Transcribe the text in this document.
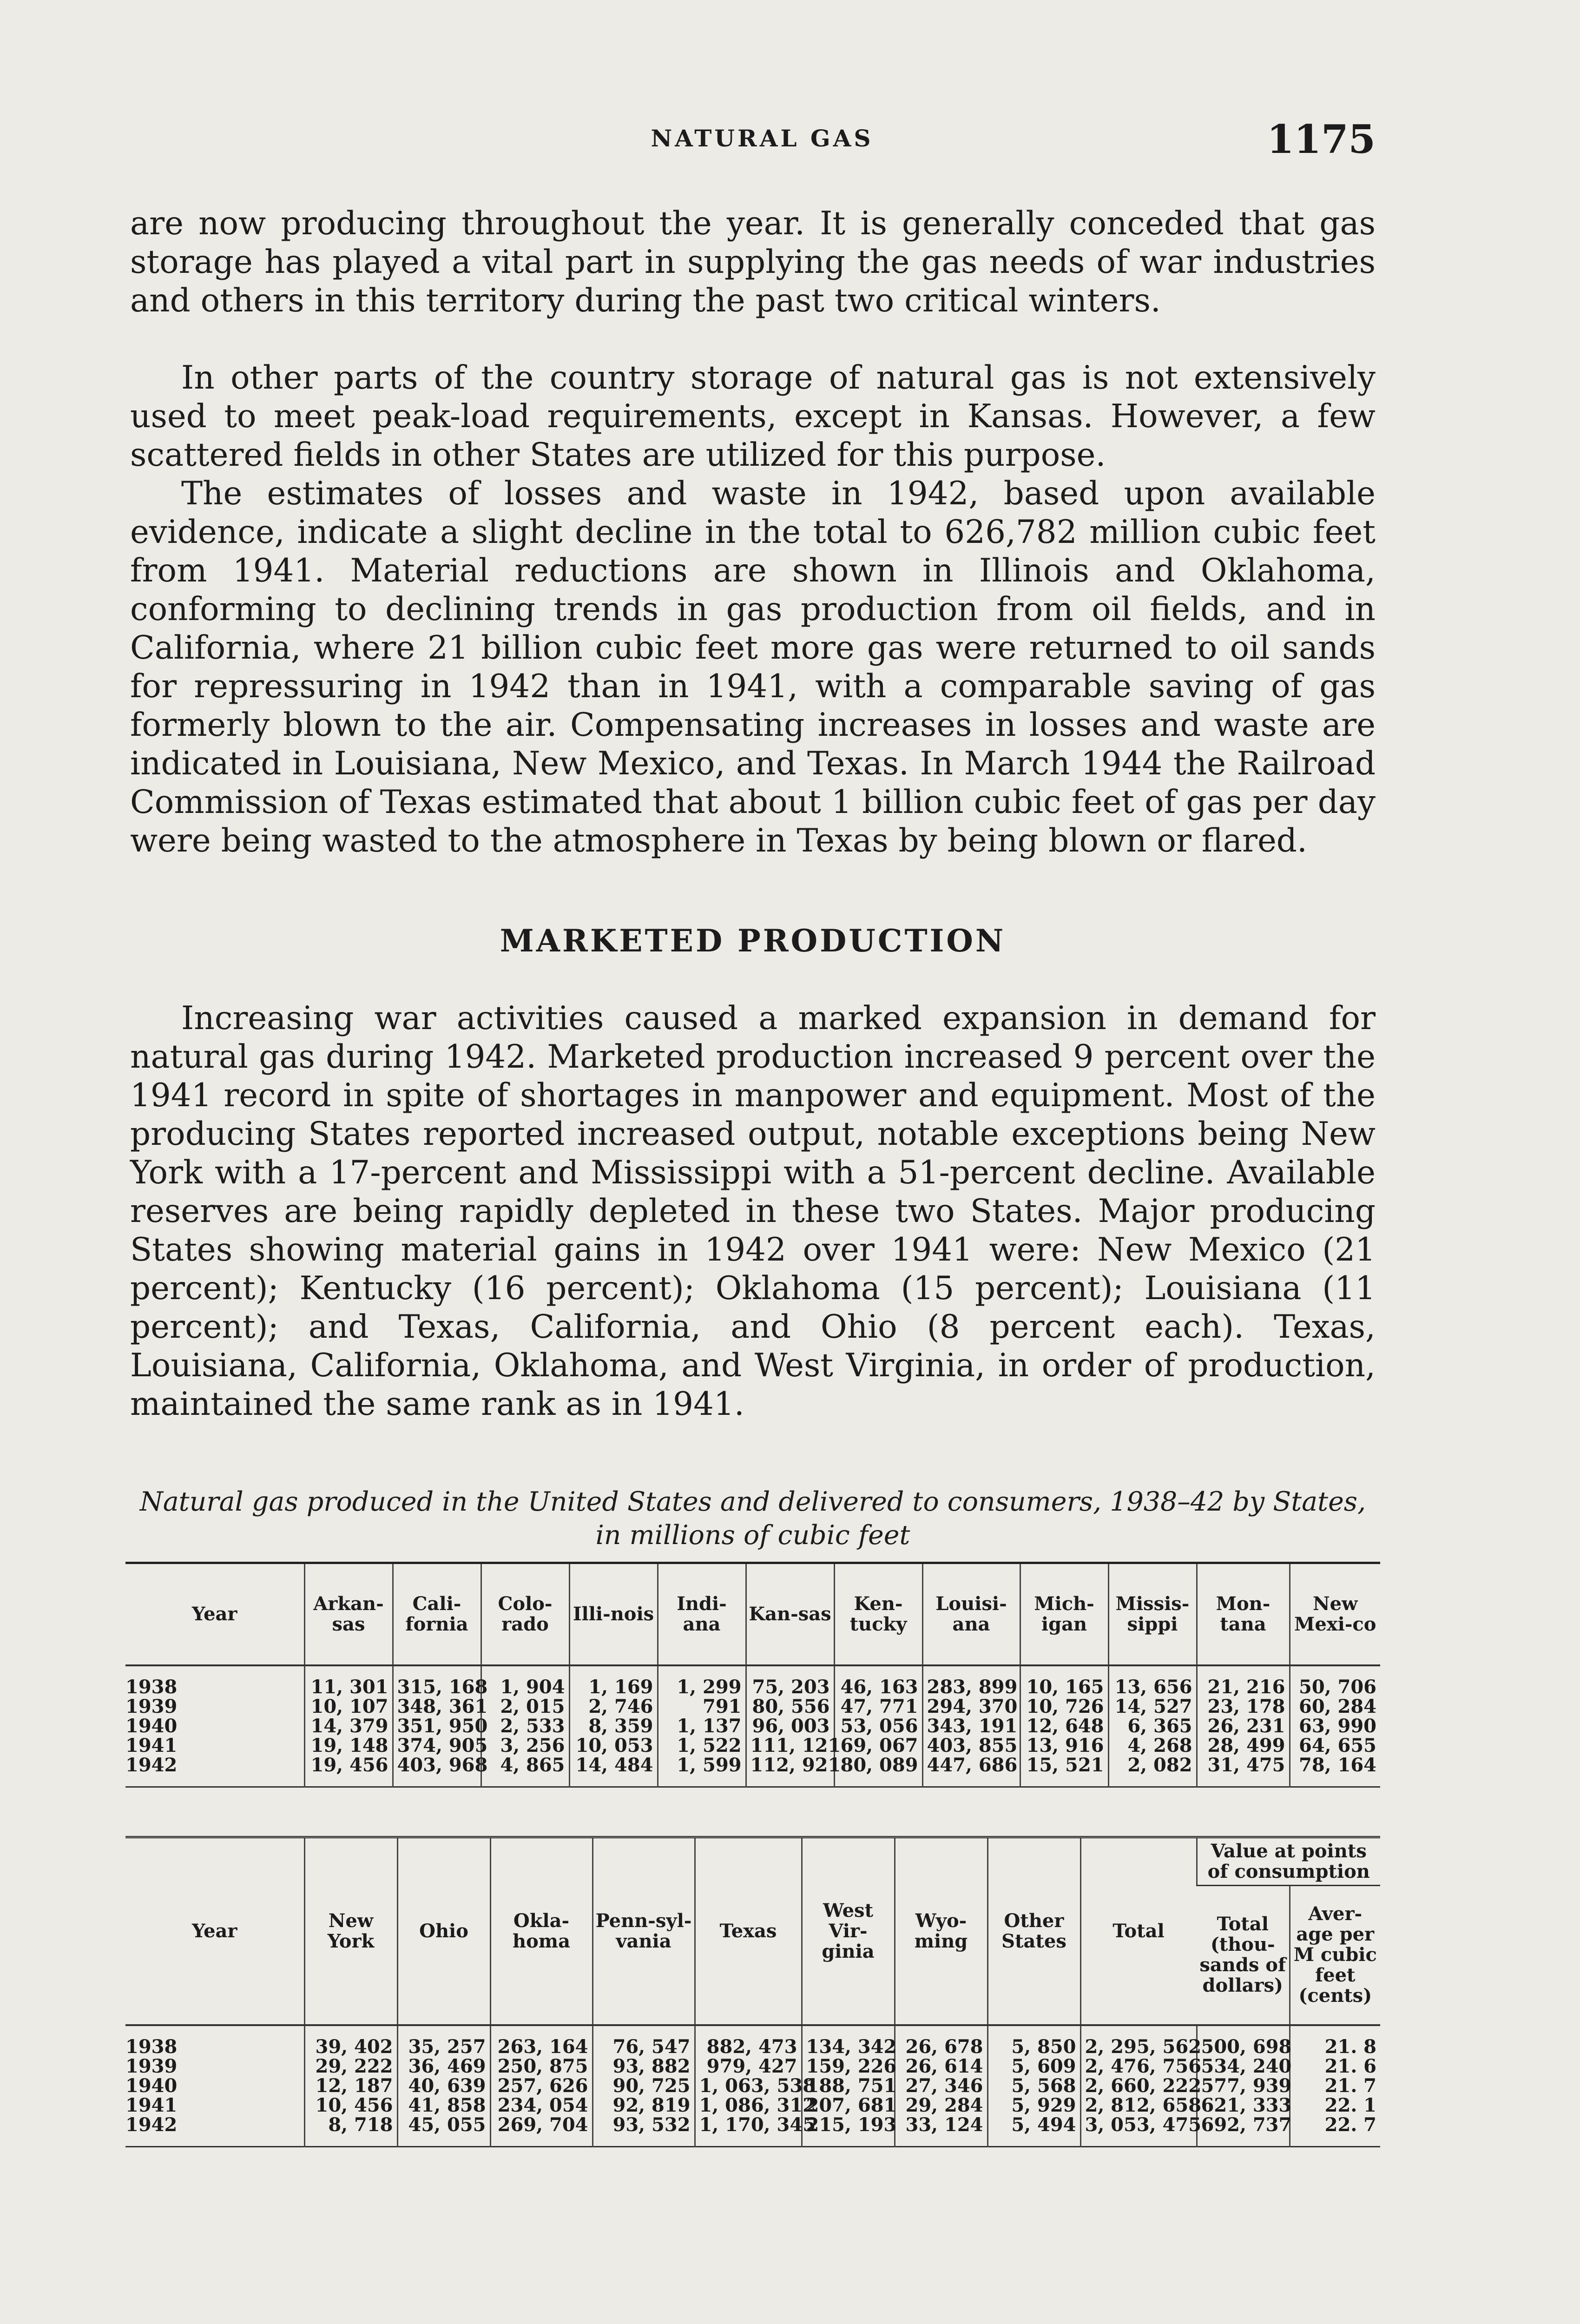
NATURAL GAS	1175

are now producing throughout the year. It is generally conceded that gas storage has played a vital part in supplying the gas needs of war industries and others in this territory during the past two critical winters.

In other parts of the country storage of natural gas is not extensively used to meet peak-load requirements, except in Kansas. However, a few scattered fields in other States are utilized for this purpose.

The estimates of losses and waste in 1942, based upon available evidence, indicate a slight decline in the total to 626,782 million cubic feet from 1941. Material reductions are shown in Illinois and Oklahoma, conforming to declining trends in gas production from oil fields, and in California, where 21 billion cubic feet more gas were returned to oil sands for repressuring in 1942 than in 1941, with a comparable saving of gas formerly blown to the air. Compensating increases in losses and waste are indicated in Louisiana, New Mexico, and Texas. In March 1944 the Railroad Commission of Texas estimated that about 1 billion cubic feet of gas per day were being wasted to the atmosphere in Texas by being blown or flared.

MARKETED PRODUCTION

Increasing war activities caused a marked expansion in demand for natural gas during 1942. Marketed production increased 9 percent over the 1941 record in spite of shortages in manpower and equipment. Most of the producing States reported increased output, notable exceptions being New York with a 17-percent and Mississippi with a 51-percent decline. Available reserves are being rapidly depleted in these two States. Major producing States showing material gains in 1942 over 1941 were: New Mexico (21 percent); Kentucky (16 percent); Oklahoma (15 percent); Louisiana (11 percent); and Texas, California, and Ohio (8 percent each). Texas, Louisiana, California, Oklahoma, and West Virginia, in order of production, maintained the same rank as in 1941.

Natural gas produced in the United States and delivered to consumers, 1938–42 by States, in millions of cubic feet
Year	Arkan-sas	Cali-fornia	Colo-rado	Illi-nois	Indi-ana	Kan-sas	Ken-tucky	Louisi-ana	Mich-igan	Missis-sippi	Mon-tana	New Mexi-co
1938	11, 301	315, 168	1, 904	1, 169	1, 299	75, 203	46, 163	283, 899	10, 165	13, 656	21, 216	50, 706
1939	10, 107	348, 361	2, 015	2, 746	791	80, 556	47, 771	294, 370	10, 726	14, 527	23, 178	60, 284
1940	14, 379	351, 950	2, 533	8, 359	1, 137	96, 003	53, 056	343, 191	12, 648	6, 365	26, 231	63, 990
1941	19, 148	374, 905	3, 256	10, 053	1, 522	111, 121	69, 067	403, 855	13, 916	4, 268	28, 499	64, 655
1942	19, 456	403, 968	4, 865	14, 484	1, 599	112, 921	80, 089	447, 686	15, 521	2, 082	31, 475	78, 164
Year	New York	Ohio	Okla-homa	Penn-syl-vania	Texas	West Vir-ginia	Wyo-ming	Other States	Total	Value at points of consumption	
										Total (thou-sands of dollars)	Aver-age per M cubic feet (cents)
1938	39, 402	35, 257	263, 164	76, 547	882, 473	134, 342	26, 678	5, 850	2, 295, 562	500, 698	21. 8
1939	29, 222	36, 469	250, 875	93, 882	979, 427	159, 226	26, 614	5, 609	2, 476, 756	534, 240	21. 6
1940	12, 187	40, 639	257, 626	90, 725	1, 063, 538	188, 751	27, 346	5, 568	2, 660, 222	577, 939	21. 7
1941	10, 456	41, 858	234, 054	92, 819	1, 086, 312	207, 681	29, 284	5, 929	2, 812, 658	621, 333	22. 1
1942	8, 718	45, 055	269, 704	93, 532	1, 170, 345	215, 193	33, 124	5, 494	3, 053, 475	692, 737	22. 7
